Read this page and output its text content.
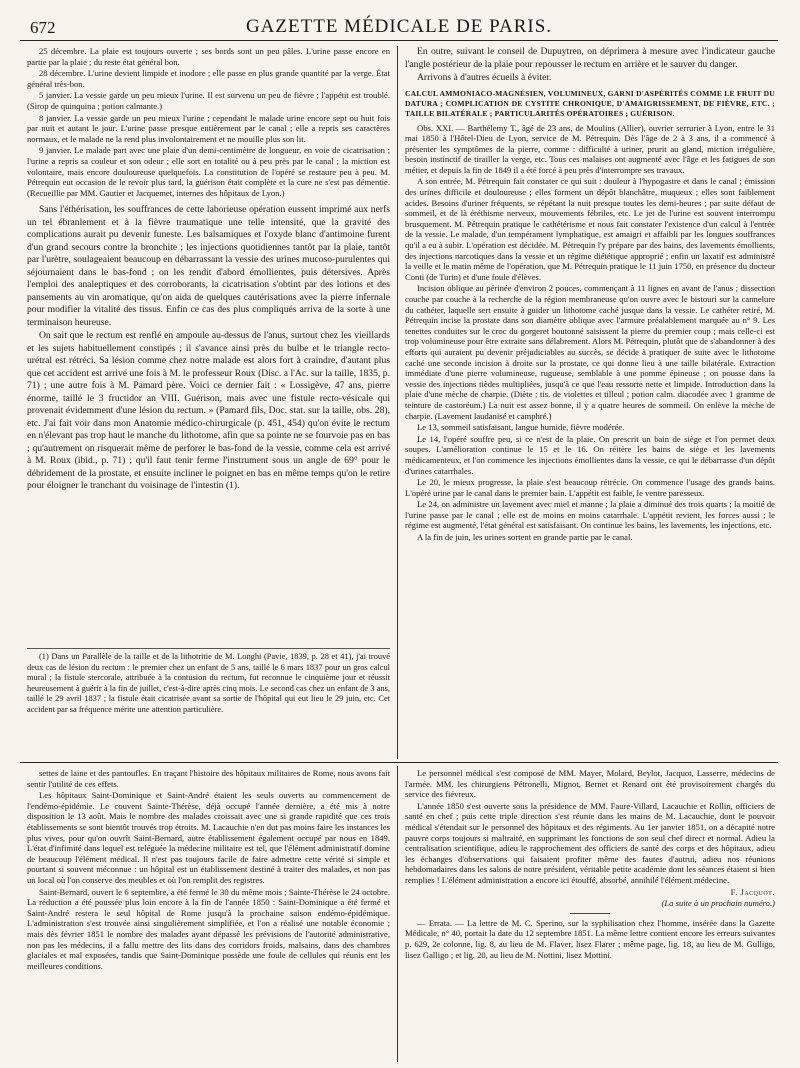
672	GAZETTE MÉDICALE DE PARIS.

25 décembre. La plaie est toujours ouverte ; ses bords sont un peu pâles. L'urine passe encore en partie par la plaie ; du reste état général bon.

28 décembre. L'urine devient limpide et inodore ; elle passe en plus grande quantité par la verge. État général très-bon.

5 janvier. La vessie garde un peu mieux l'urine. Il est survenu un peu de fièvre ; l'appétit est troublé. (Sirop de quinquina ; potion calmante.)

8 janvier. La vessie garde un peu mieux l'urine ; cependant le malade urine encore sept ou huit fois par nuit et autant le jour. L'urine passe presque entièrement par le canal ; elle a repris ses caractères normaux, et le malade ne la rend plus involontairement et ne mouille plus son lit.

9 janvier. Le malade part avec une plaie d'un demi-centimètre de longueur, en voie de cicatrisation ; l'urine a repris sa couleur et son odeur ; elle sort en totalité ou à peu près par le canal ; la miction est volontaire, mais encore douloureuse quelquefois. La constitution de l'opéré se restaure peu à peu. M. Pétrequin eut occasion de le revoir plus tard, la guérison était complète et la cure ne s'est pas démentie. (Recueillie par MM. Gautier et Jacquemet, internes des hôpitaux de Lyon.)

Sans l'éthérisation, les souffrances de cette laborieuse opération eussent imprimé aux nerfs un tel ébranlement et à la fièvre traumatique une telle intensité, que la gravité des complications aurait pu devenir funeste. Les balsamiques et l'oxyde blanc d'antimoine furent d'un grand secours contre la bronchite ; les injections quotidiennes tantôt par la plaie, tantôt par l'urètre, soulageaient beaucoup en débarrassant la vessie des urines mucoso-purulentes qui séjournaient dans le bas-fond ; on les rendit d'abord émollientes, puis détersives. Après l'emploi des analeptiques et des corroborants, la cicatrisation s'obtint par des lotions et des pansements au vin aromatique, qu'on aida de quelques cautérisations avec la pierre infernale pour modifier la vitalité des tissus. Enfin ce cas des plus compliqués arriva de la sorte à une terminaison heureuse.

On sait que le rectum est renflé en ampoule au-dessus de l'anus, surtout chez les vieillards et les sujets habituellement constipés ; il s'avance ainsi près du bulbe et le triangle recto-urétral est rétréci. Sa lésion comme chez notre malade est alors fort à craindre, d'autant plus que cet accident est arrivé une fois à M. le professeur Roux (Disc. a l'Ac. sur la taille, 1835, p. 71) ; une autre fois à M. Pamard père. Voici ce dernier fait : « Lossigève, 47 ans, pierre énorme, taillé le 3 fructidor an VIII. Guérison, mais avec une fistule recto-vésicale qui provenait évidemment d'une lésion du rectum. » (Pamard fils, Doc. stat. sur la taille, obs. 28), etc. J'ai fait voir dans mon Anatomie médico-chirurgicale (p. 451, 454) qu'on évite le rectum en n'élevant pas trop haut le manche du lithotome, afin que sa pointe ne se fourvoie pas en bas ; qu'autrement on risquerait même de perforer le bas-fond de la vessie, comme cela est arrivé à M. Roux (ibid., p. 71) ; qu'il faut tenir ferme l'instrument sous un angle de 69° pour le débridement de la prostate, et ensuite incliner le poignet en bas en même temps qu'on le retire pour éloigner le tranchant du voisinage de l'intestin (1).

(1) Dans un Parallèle de la taille et de la lithotritie de M. Longhi (Pavie, 1839, p. 28 et 41), j'ai trouvé deux cas de lésion du rectum : le premier chez un enfant de 5 ans, taillé le 6 mars 1837 pour un gros calcul mural ; la fistule stercorale, attribuée à la contusion du rectum, fut reconnue le cinquième jour et réussit heureusement à guérir à la fin de juillet, c'est-à-dire après cinq mois. Le second cas chez un enfant de 3 ans, taillé le 29 avril 1837 ; la fistule était cicatrisée avant sa sortie de l'hôpital qui eut lieu le 29 juin, etc. Cet accident par sa fréquence mérite une attention particulière.

En outre, suivant le conseil de Dupuytren, on déprimera à mesure avec l'indicateur gauche l'angle postérieur de la plaie pour repousser le rectum en arrière et le sauver du danger.

Arrivons à d'autres écueils à éviter.

CALCUL AMMONIACO-MAGNÉSIEN, VOLUMINEUX, GARNI D'ASPÉRITÉS COMME LE FRUIT DU DATURA ; COMPLICATION DE CYSTITE CHRONIQUE, D'AMAIGRISSEMENT, DE FIÈVRE, ETC. ; TAILLE BILATÉRALE ; PARTICULARITÉS OPÉRATOIRES ; GUÉRISON.

Obs. XXI. — Barthélemy T., âgé de 23 ans, de Moulins (Allier), ouvrier serrurier à Lyon, entre le 31 mai 1850 à l'Hôtel-Dieu de Lyon, service de M. Pétrequin. Dès l'âge de 2 à 3 ans, il a commencé à présenter les symptômes de la pierre, comme : difficulté à uriner, prurit au gland, miction irrégulière, besoin instinctif de tirailler la verge, etc. Tous ces malaises ont augmenté avec l'âge et les fatigues de son métier, et depuis la fin de 1849 il a été forcé à peu près d'interrompre ses travaux.

A son entrée, M. Pétrequin fait constater ce qui suit : douleur à l'hypogastre et dans le canal ; émission des urines difficile et douloureuse ; elles forment un dépôt blanchâtre, muqueux ; elles sont faiblement acides. Besoins d'uriner fréquents, se répétant la nuit presque toutes les demi-heures ; par suite défaut de sommeil, et de là éréthisme nerveux, mouvements fébriles, etc. Le jet de l'urine est souvent interrompu brusquement. M. Pétrequin pratique le cathétérisme et nous fait constater l'existence d'un calcul à l'entrée de la vessie. Le malade, d'un tempérament lymphatique, est amaigri et affaibli par les longues souffrances qu'il a eu à subir. L'opération est décidée. M. Pétrequin l'y prépare par des bains, des lavements émollients, des injections narcotiques dans la vessie et un régime diététique approprié ; enfin un laxatif est administré la veille et le matin même de l'opération, que M. Pétrequin pratique le 11 juin 1750, en présence du docteur Conti (de Turin) et d'une foule d'élèves.

Incision oblique au périnée d'environ 2 pouces, commençant à 11 lignes en avant de l'anus ; dissection couche par couche à la recherche de la région membraneuse qu'on ouvre avec le bistouri sur la cannelure du cathéter, laquelle sert ensuite à guider un lithotome caché jusque dans la vessie. Le cathéter retiré, M. Pétrequin incise la prostate dans son diamètre oblique avec l'armure préalablement marquée au n° 9. Les tenettes conduites sur le croc du gorgeret boutonné saisissent la pierre du premier coup ; mais celle-ci est trop volumineuse pour être extraite sans délabrement. Alors M. Pétrequin, plutôt que de s'abandonner à des efforts qui auraient pu devenir préjudiciables au succès, se décide à pratiquer de suite avec le lithotome caché une seconde incision à droite sur la prostate, ce qui donne lieu à une taille bilatérale. Extraction immédiate d'une pierre volumineuse, rugueuse, semblable à une pomme épineuse ; on pousse dans la vessie des injections tièdes multipliées, jusqu'à ce que l'eau ressorte nette et limpide. Introduction dans la plaie d'une mèche de charpie. (Diète ; tis. de violettes et tilleul ; potion calm. diacodée avec 1 gramme de teinture de castoréum.) La nuit est assez bonne, il y a quatre heures de sommeil. On enlève la mèche de charpie. (Lavement laudanisé et camphré.)

Le 13, sommeil satisfaisant, langue humide, fièvre modérée.

Le 14, l'opéré souffre peu, si ce n'est de la plaie. On prescrit un bain de siège et l'on permet deux soupes. L'amélioration continue le 15 et le 16. On réitère les bains de siège et les lavements médicamenteux, et l'on commence les injections émollientes dans la vessie, ce qui le débarrasse d'un dépôt d'urines catarrhales.

Le 20, le mieux progresse, la plaie s'est beaucoup rétrécie. On commence l'usage des grands bains. L'opéré urine par le canal dans le premier bain. L'appétit est faible, le ventre paresseux.

Le 24, on administre un lavement avec miel et manne ; la plaie a diminué des trois quarts ; la moitié de l'urine passe par le canal ; elle est de moins en moins catarrhale. L'appétit revient, les forces aussi ; le régime est augmenté, l'état général est satisfaisant. On continue les bains, les lavements, les injections, etc.

A la fin de juin, les urines sortent en grande partie par le canal.

settes de laine et des pantoufles. En traçant l'histoire des hôpitaux militaires de Rome, nous avons fait sentir l'utilité de ces effets.

Les hôpitaux Saint-Dominique et Saint-André étaient les seuls ouverts au commencement de l'endémo-épidémie. Le couvent Sainte-Thérèse, déjà occupé l'année dernière, a été mis à notre disposition le 13 août. Mais le nombre des malades croissait avec une si grande rapidité que ces trois établissements se sont bientôt trouvés trop étroits. M. Lacauchie n'en dut pas moins faire les instances les plus vives, pour qu'on ouvrît Saint-Bernard, autre établissement également occupé par nous en 1849. L'état d'infimité dans lequel est reléguée la médecine militaire est tel, que l'élément administratif domine de beaucoup l'élément médical. Il n'est pas toujours facile de faire admettre cette vérité si simple et pourtant si souvent méconnue : un hôpital est un établissement destiné à traiter des malades, et non pas un local où l'on conserve des meubles et où l'on remplit des registres.

Saint-Bernard, ouvert le 6 septembre, a été fermé le 30 du même mois ; Sainte-Thérèse le 24 octobre. La réduction a été poussée plus loin encore à la fin de l'année 1850 : Saint-Dominique a été fermé et Saint-André restera le seul hôpital de Rome jusqu'à la prochaine saison endémo-épidémique. L'administration s'est trouvée ainsi singulièrement simplifiée, et l'on a réalisé une notable économie ; mais dès février 1851 le nombre des malades ayant dépassé les prévisions de l'autorité administrative, non pas les médecins, il a fallu mettre des lits dans des corridors froids, malsains, dans des chambres glaciales et mal exposées, tandis que Saint-Dominique possède une foule de cellules qui réunis ent les meilleures conditions.

Le personnel médical s'est composé de MM. Mayer, Molard, Beylot, Jacquot, Lasserre, médecins de l'armée. MM. les chirurgiens Pétronelli, Mignot, Bernet et Renard ont été provisoirement chargés du service des fiévreux.

L'année 1850 s'est ouverte sous la présidence de MM. Faure-Villard, Lacauchie et Rollin, officiers de santé en chef ; puis cette triple direction s'est réunie dans les mains de M. Lacauchie, dont le pouvoir médical s'étendait sur le personnel des hôpitaux et des régiments. Au 1er janvier 1851, on a décapité notre pauvre corps toujours si maltraité, en supprimant les fonctions de son seul chef direct et normal. Adieu la centralisation scientifique, adieu le rapprochement des officiers de santé des corps et des hôpitaux, adieu les échanges d'observations qui faisaient profiter même des fautes d'autrui, adieu nos réunions hebdomadaires dans les salons de notre président, véritable petite académie dont les séances étaient si bien remplies ! L'élément administration a encore ici étouffé, absorbé, annihilé l'élément médecine.

F. Jacquot.

(La suite à un prochain numéro.)

— Errata. — La lettre de M. C. Sperino, sur la syphilisation chez l'homme, insérée dans la Gazette Médicale, n° 40, portait la date du 12 septembre 1851. La même lettre contient encore les erreurs suivantes p. 629, 2e colonne, lig. 8, au lieu de M. Flaver, lisez Flarer ; même page, lig. 18, au lieu de M. Gulligo, lisez Galligo ; et lig. 20, au lieu de M. Nottini, lisez Mottini.
